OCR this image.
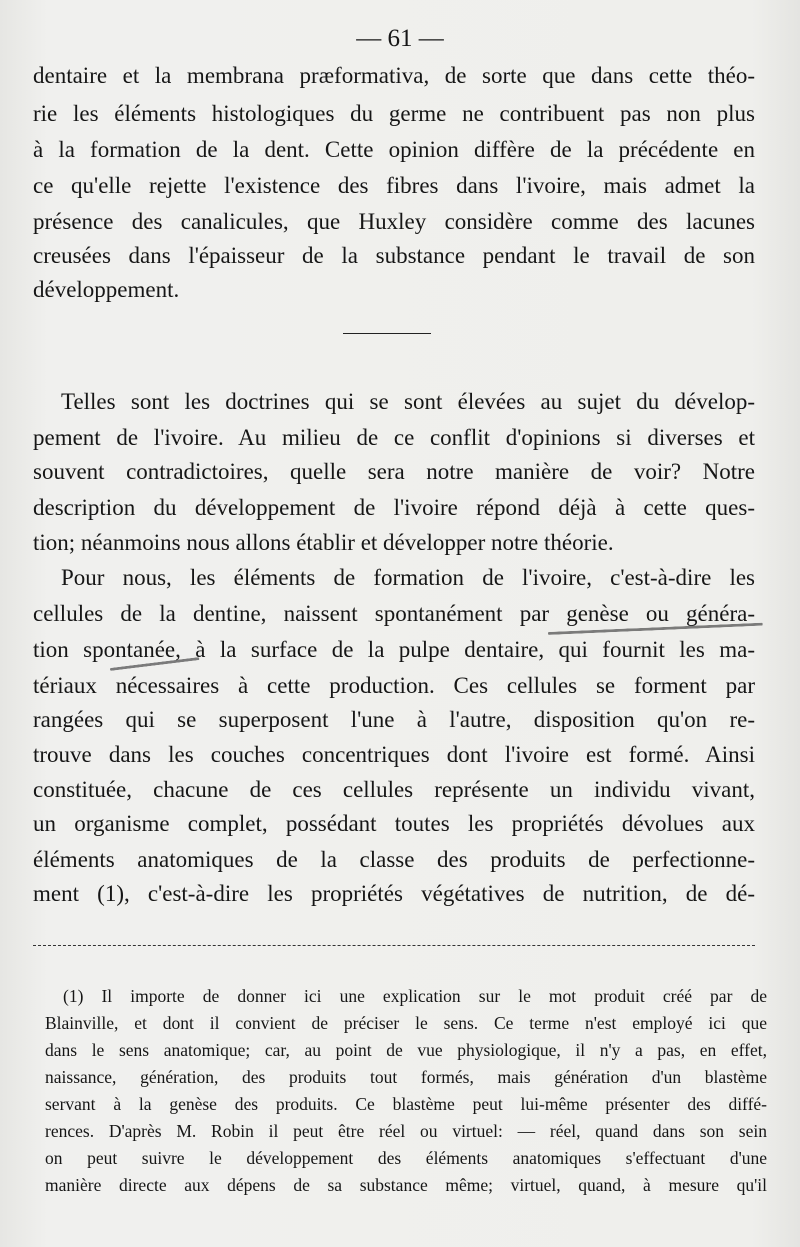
— 61 —
dentaire et la membrana præformativa, de sorte que dans cette théo-
rie les éléments histologiques du germe ne contribuent pas non plus
à la formation de la dent. Cette opinion diffère de la précédente en
ce qu'elle rejette l'existence des fibres dans l'ivoire, mais admet la
présence des canalicules, que Huxley considère comme des lacunes
creusées dans l'épaisseur de la substance pendant le travail de son
développement.
Telles sont les doctrines qui se sont élevées au sujet du dévelop-
pement de l'ivoire. Au milieu de ce conflit d'opinions si diverses et
souvent contradictoires, quelle sera notre manière de voir? Notre
description du développement de l'ivoire répond déjà à cette ques-
tion; néanmoins nous allons établir et développer notre théorie.
Pour nous, les éléments de formation de l'ivoire, c'est-à-dire les
cellules de la dentine, naissent spontanément par genèse ou généra-
tion spontanée, à la surface de la pulpe dentaire, qui fournit les ma-
tériaux nécessaires à cette production. Ces cellules se forment par
rangées qui se superposent l'une à l'autre, disposition qu'on re-
trouve dans les couches concentriques dont l'ivoire est formé. Ainsi
constituée, chacune de ces cellules représente un individu vivant,
un organisme complet, possédant toutes les propriétés dévolues aux
éléments anatomiques de la classe des produits de perfectionne-
ment (1), c'est-à-dire les propriétés végétatives de nutrition, de dé-
(1) Il importe de donner ici une explication sur le mot produit créé par de
Blainville, et dont il convient de préciser le sens. Ce terme n'est employé ici que
dans le sens anatomique; car, au point de vue physiologique, il n'y a pas, en effet,
naissance, génération, des produits tout formés, mais génération d'un blastème
servant à la genèse des produits. Ce blastème peut lui-même présenter des diffé-
rences. D'après M. Robin il peut être réel ou virtuel: — réel, quand dans son sein
on peut suivre le développement des éléments anatomiques s'effectuant d'une
manière directe aux dépens de sa substance même; virtuel, quand, à mesure qu'il
